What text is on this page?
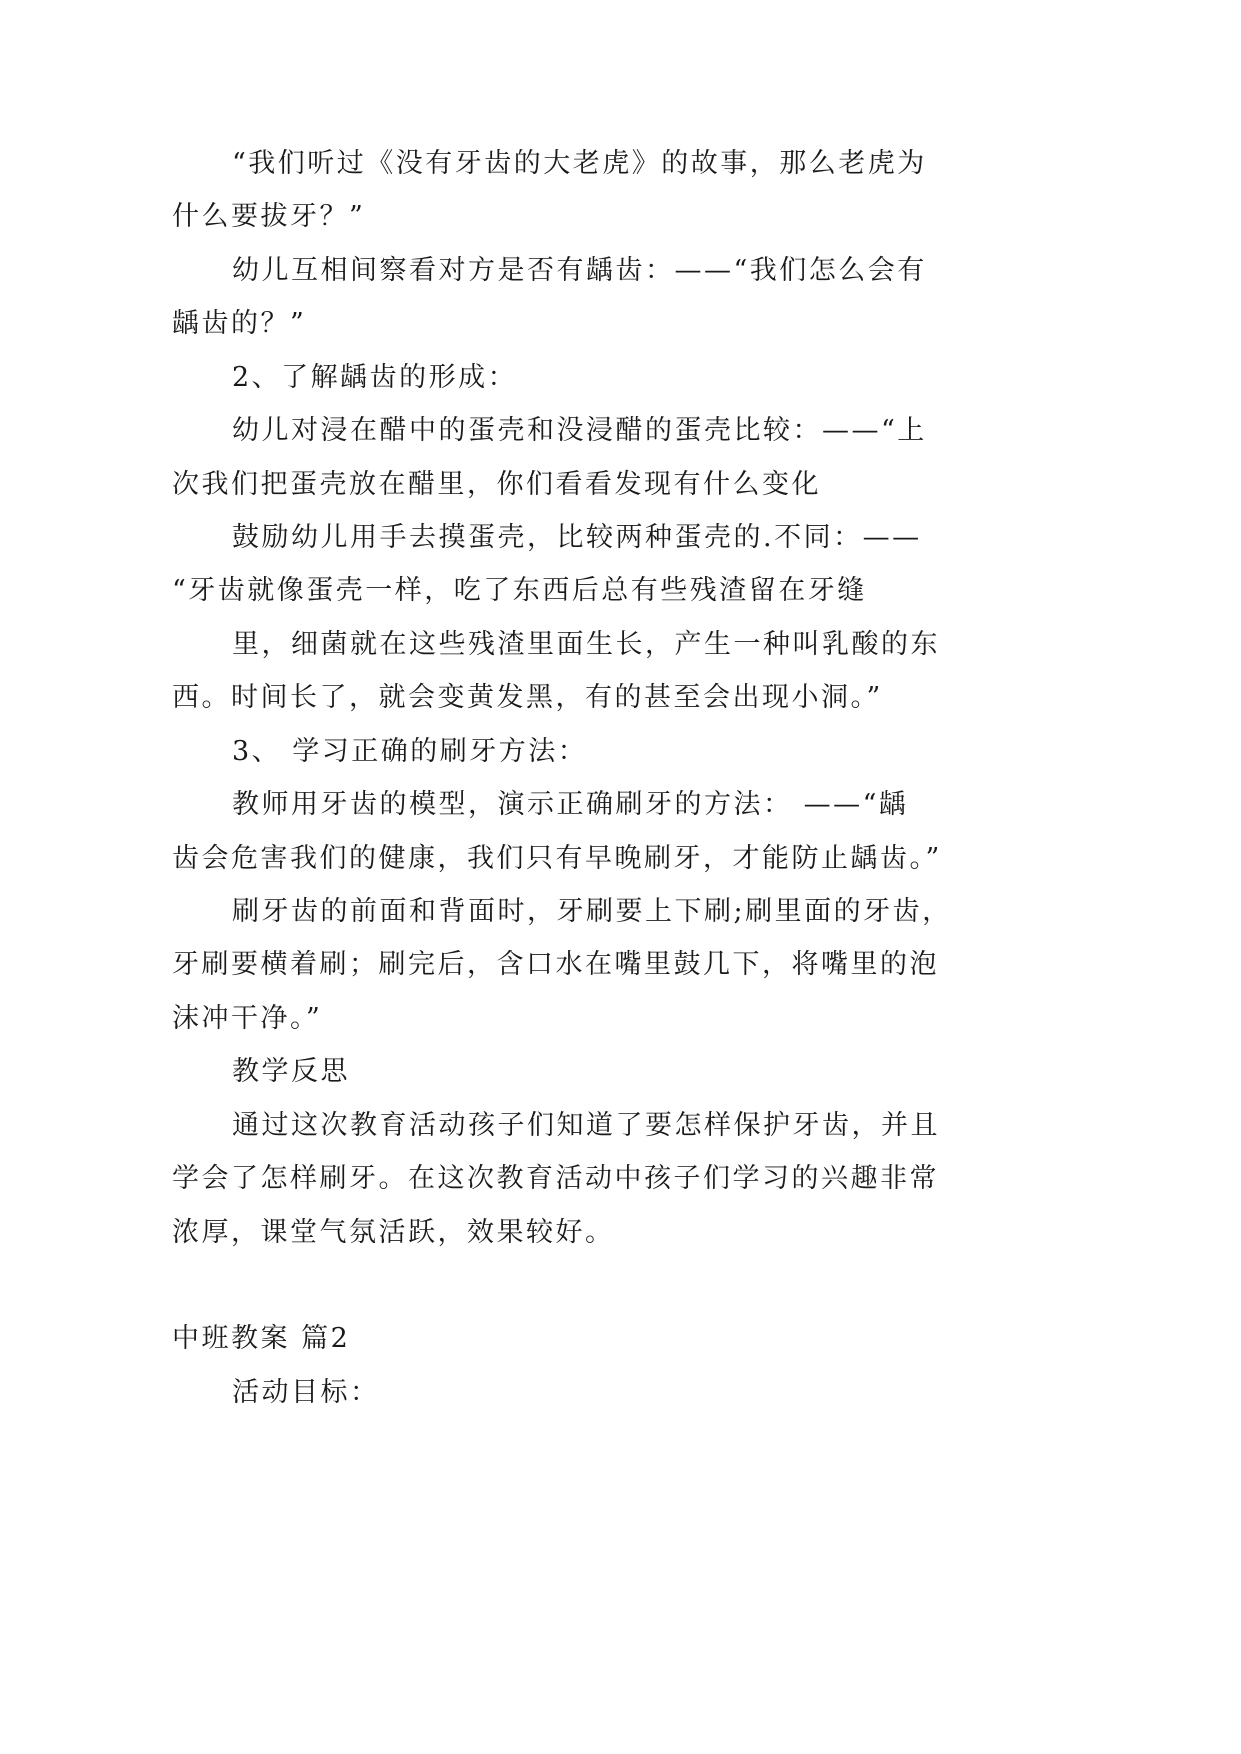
“我们听过《没有牙齿的大老虎》的故事，那么老虎为
什么要拔牙？”
幼儿互相间察看对方是否有龋齿：——“我们怎么会有
龋齿的？”
2、了解龋齿的形成：
幼儿对浸在醋中的蛋壳和没浸醋的蛋壳比较：——“上
次我们把蛋壳放在醋里，你们看看发现有什么变化
鼓励幼儿用手去摸蛋壳，比较两种蛋壳的.不同：——
“牙齿就像蛋壳一样，吃了东西后总有些残渣留在牙缝
里，细菌就在这些残渣里面生长，产生一种叫乳酸的东
西。时间长了，就会变黄发黑，有的甚至会出现小洞。”
3、 学习正确的刷牙方法：
教师用牙齿的模型，演示正确刷牙的方法： ——“龋
齿会危害我们的健康，我们只有早晚刷牙，才能防止龋齿。”
刷牙齿的前面和背面时，牙刷要上下刷;刷里面的牙齿，
牙刷要横着刷；刷完后，含口水在嘴里鼓几下，将嘴里的泡
沫冲干净。”
教学反思
通过这次教育活动孩子们知道了要怎样保护牙齿，并且
学会了怎样刷牙。在这次教育活动中孩子们学习的兴趣非常
浓厚，课堂气氛活跃，效果较好。
中班教案 篇2
活动目标：
